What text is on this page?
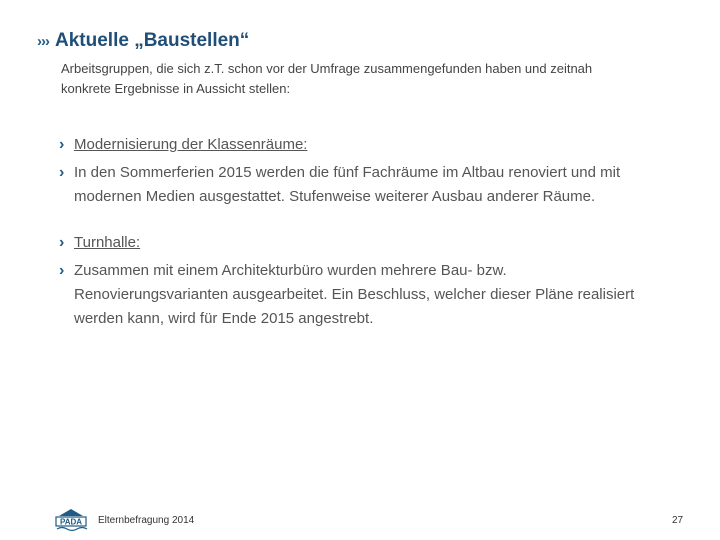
››› Aktuelle „Baustellen“
Arbeitsgruppen, die sich z.T. schon vor der Umfrage zusammengefunden haben und zeitnah konkrete Ergebnisse in Aussicht stellen:
› Modernisierung der Klassenräume:
› In den Sommerferien 2015 werden die fünf Fachräume im Altbau renoviert und mit modernen Medien ausgestattet. Stufenweise weiterer Ausbau anderer Räume.
› Turnhalle:
› Zusammen mit einem Architekturbüro wurden mehrere Bau- bzw. Renovierungsvarianten ausgearbeitet. Ein Beschluss, welcher dieser Pläne realisiert werden kann, wird für Ende 2015 angestrebt.
PADA Elternbefragung 2014	27
